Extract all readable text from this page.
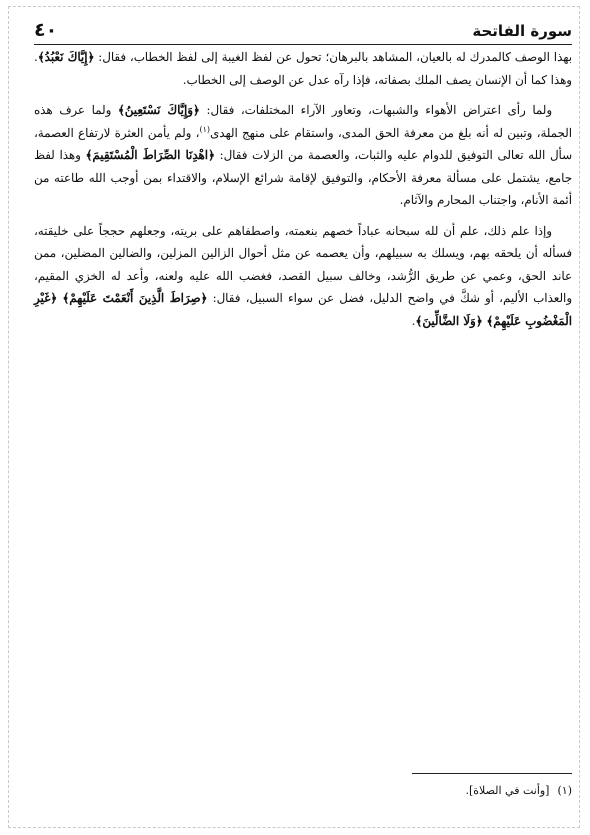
سورة الفاتحة
٤٠

بهذا الوصف كالمدرك له بالعيان، المشاهد بالبرهان؛ تحول عن لفظ الغيبة إلى لفظ الخطاب، فقال: ﴿إِيَّاكَ نَعْبُدُ﴾. وهذا كما أن الإنسان يصف الملك بصفاته، فإذا رآه عدل عن الوصف إلى الخطاب.

ولما رأى اعتراض الأهواء والشبهات، وتعاور الآراء المختلفات، فقال: ﴿وَإِيَّاكَ نَسْتَعِينُ﴾ ولما عرف هذه الجملة، وتبين له أنه بلغ من معرفة الحق المدى، واستقام على منهج الهدى$^{(١)}$، ولم يأمن العثرة لارتفاع العصمة، سأل الله تعالى التوفيق للدوام عليه والثبات، والعصمة من الزلات فقال: ﴿اهْدِنَا الصِّرَاطَ الْمُسْتَقِيمَ﴾ وهذا لفظ جامع، يشتمل على مسألة معرفة الأحكام، والتوفيق لإقامة شرائع الإسلام، والاقتداء بمن أوجب الله طاعته من أئمة الأنام، واجتناب المحارم والآثام.

وإذا علم ذلك، علم أن لله سبحانه عباداً خصهم بنعمته، واصطفاهم على بريته، وجعلهم حججاً على خليقته، فسأله أن يلحقه بهم، ويسلك به سبيلهم، وأن يعصمه عن مثل أحوال الزالين المزلين، والضالين المضلين، ممن عاند الحق، وعمي عن طريق الرُّشد، وخالف سبيل القصد، فغضب الله عليه ولعنه، وأعد له الخزي المقيم، والعذاب الأليم، أو شكَّ في واضح الدليل، فضل عن سواء السبيل، فقال: ﴿صِرَاطَ الَّذِينَ أَنْعَمْتَ عَلَيْهِمْ﴾ ﴿غَيْرِ الْمَغْضُوبِ عَلَيْهِمْ﴾ ﴿وَلَا الضَّالِّينَ﴾.

(١)[وأنت في الصلاة].
